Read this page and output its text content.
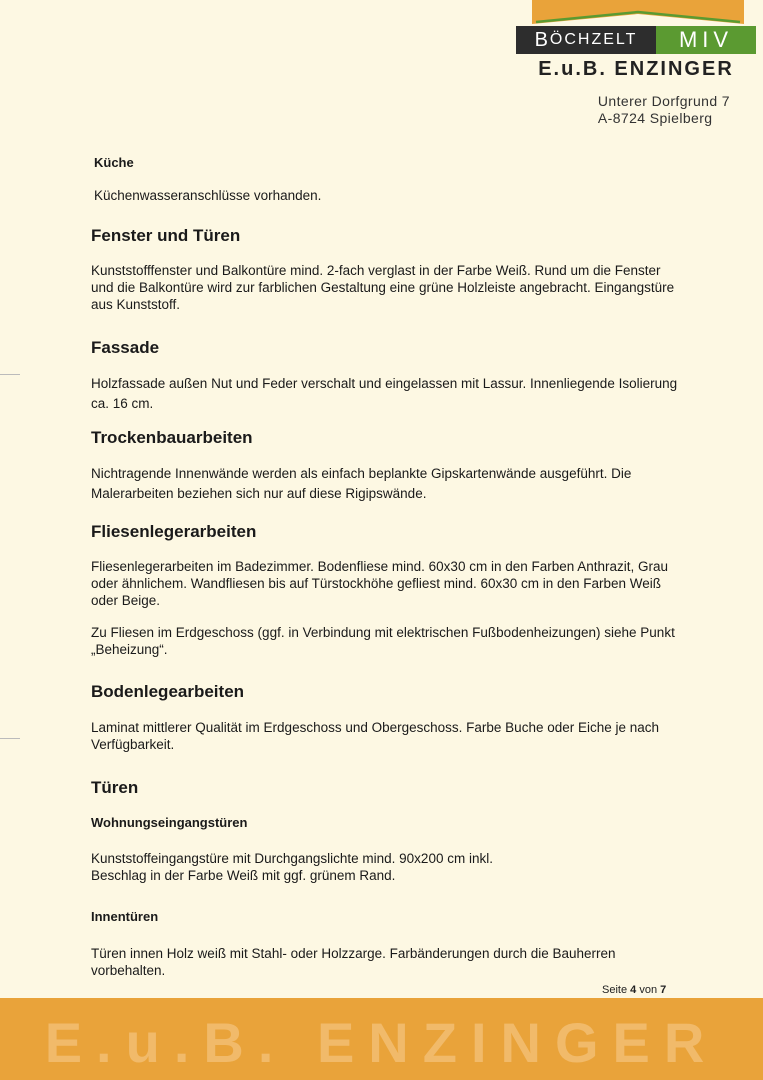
B ÖCHZELT	MIV
E.u.B. ENZINGER
Unterer Dorfgrund 7
A-8724 Spielberg
Küche
Küchenwasseranschlüsse vorhanden.
Fenster und Türen
Kunststofffenster und Balkontüre mind. 2-fach verglast in der Farbe Weiß. Rund um die Fenster und die Balkontüre wird zur farblichen Gestaltung eine grüne Holzleiste angebracht. Eingangstüre aus Kunststoff.
Fassade
Holzfassade außen Nut und Feder verschalt und eingelassen mit Lassur. Innenliegende Isolierung ca. 16 cm.
Trockenbauarbeiten
Nichtragende Innenwände werden als einfach beplankte Gipskartenwände ausgeführt. Die Malerarbeiten beziehen sich nur auf diese Rigipswände.
Fliesenlegerarbeiten
Fliesenlegerarbeiten im Badezimmer. Bodenfliese mind. 60x30 cm in den Farben Anthrazit, Grau oder ähnlichem. Wandfliesen bis auf Türstockhöhe gefliest mind. 60x30 cm in den Farben Weiß oder Beige.
Zu Fliesen im Erdgeschoss (ggf. in Verbindung mit elektrischen Fußbodenheizungen) siehe Punkt „Beheizung“.
Bodenlegearbeiten
Laminat mittlerer Qualität im Erdgeschoss und Obergeschoss. Farbe Buche oder Eiche je nach Verfügbarkeit.
Türen
Wohnungseingangstüren
Kunststoffeingangstüre mit Durchgangslichte mind. 90x200 cm inkl.
Beschlag in der Farbe Weiß mit ggf. grünem Rand.
Innentüren
Türen innen Holz weiß mit Stahl- oder Holzzarge. Farbänderungen durch die Bauherren vorbehalten.
Seite 4 von 7
E.u.B. ENZINGER
